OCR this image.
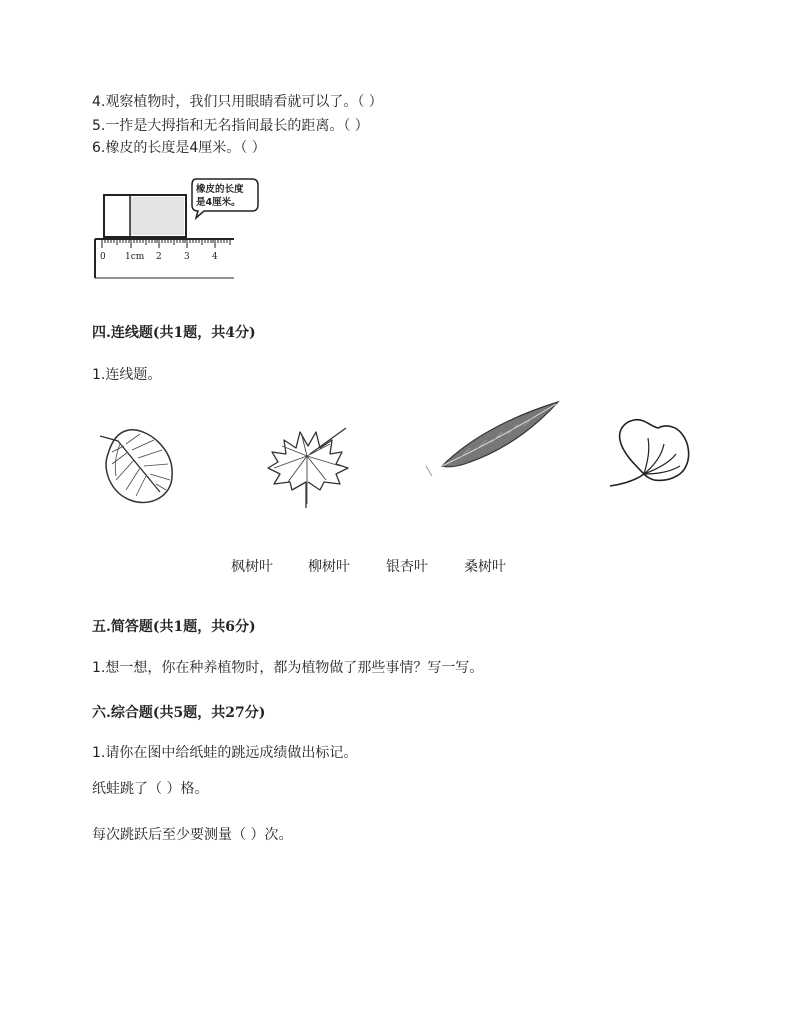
4.观察植物时，我们只用眼睛看就可以了。（ ）
5.一拃是大拇指和无名指间最长的距离。（ ）
6.橡皮的长度是4厘米。（ ）
0 1cm 2 3 4
橡皮的长度
是4厘米。
四.连线题(共1题，共4分)
1.连线题。
枫树叶	柳树叶	银杏叶	桑树叶
五.简答题(共1题，共6分)
1.想一想，你在种养植物时，都为植物做了那些事情？写一写。
六.综合题(共5题，共27分)
1.请你在图中给纸蛙的跳远成绩做出标记。
纸蛙跳了（ ）格。
每次跳跃后至少要测量（ ）次。
